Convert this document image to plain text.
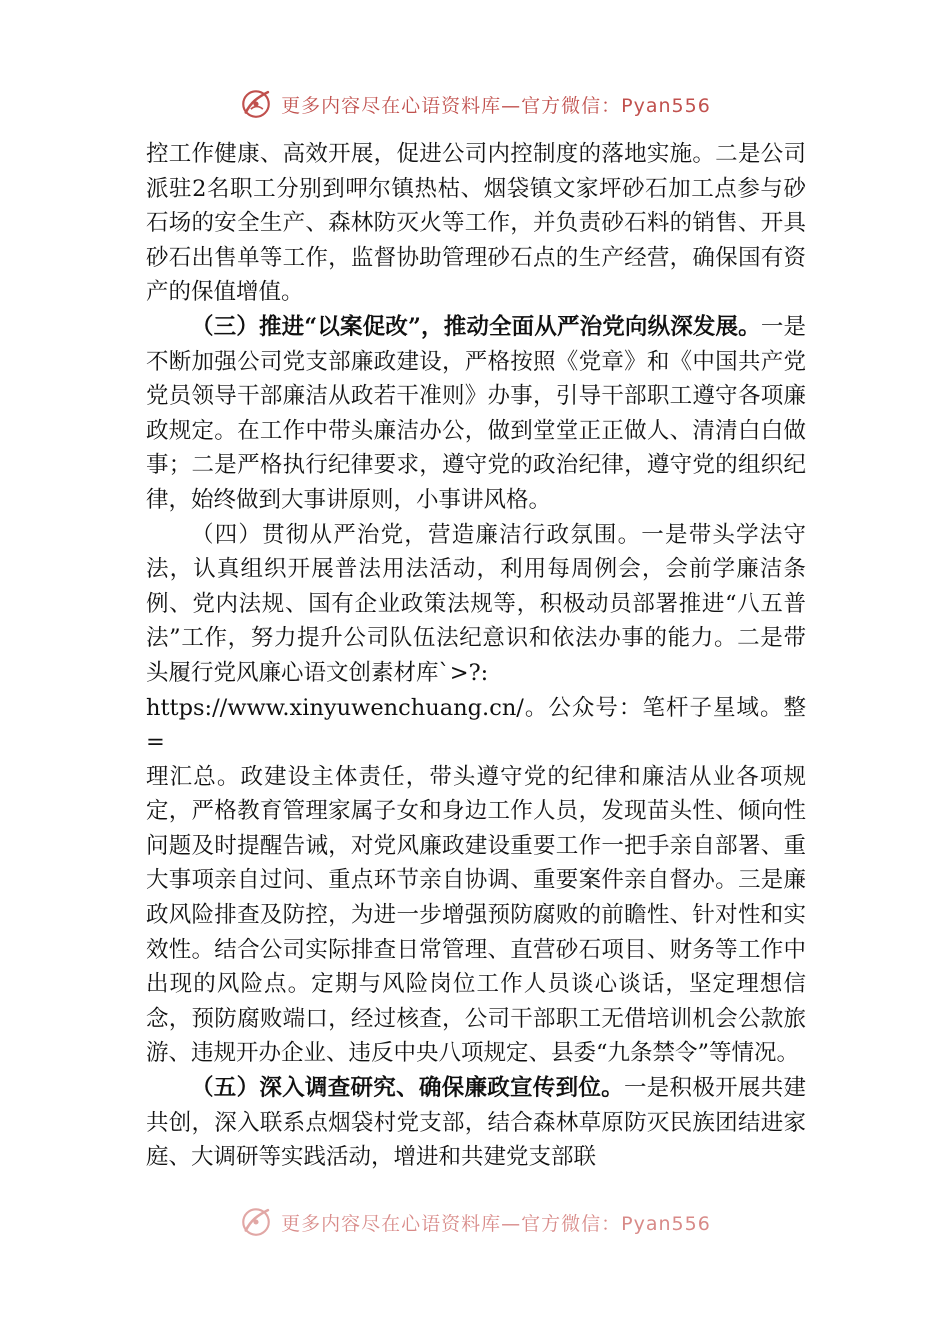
更多内容尽在心语资料库—官方微信：Pyan556

控工作健康、高效开展，促进公司内控制度的落地实施。二是公司派驻2名职工分别到呷尔镇热枯、烟袋镇文家坪砂石加工点参与砂石场的安全生产、森林防灭火等工作，并负责砂石料的销售、开具砂石出售单等工作，监督协助管理砂石点的生产经营，确保国有资产的保值增值。

（三）推进“以案促改”，推动全面从严治党向纵深发展。一是不断加强公司党支部廉政建设，严格按照《党章》和《中国共产党党员领导干部廉洁从政若干准则》办事，引导干部职工遵守各项廉政规定。在工作中带头廉洁办公，做到堂堂正正做人、清清白白做事；二是严格执行纪律要求，遵守党的政治纪律，遵守党的组织纪律，始终做到大事讲原则，小事讲风格。

（四）贯彻从严治党，营造廉洁行政氛围。一是带头学法守法，认真组织开展普法用法活动，利用每周例会，会前学廉洁条例、党内法规、国有企业政策法规等，积极动员部署推进“八五普法”工作，努力提升公司队伍法纪意识和依法办事的能力。二是带头履行党风廉心语文创素材库`>?:
https://www.xinyuwenchuang.cn/。公众号：笔杆子星域。整=
理汇总。政建设主体责任，带头遵守党的纪律和廉洁从业各项规定，严格教育管理家属子女和身边工作人员，发现苗头性、倾向性问题及时提醒告诫，对党风廉政建设重要工作一把手亲自部署、重大事项亲自过问、重点环节亲自协调、重要案件亲自督办。三是廉政风险排查及防控，为进一步增强预防腐败的前瞻性、针对性和实效性。结合公司实际排查日常管理、直营砂石项目、财务等工作中出现的风险点。定期与风险岗位工作人员谈心谈话，坚定理想信念，预防腐败端口，经过核查，公司干部职工无借培训机会公款旅游、违规开办企业、违反中央八项规定、县委“九条禁令”等情况。

（五）深入调查研究、确保廉政宣传到位。一是积极开展共建共创，深入联系点烟袋村党支部，结合森林草原防灭民族团结进家庭、大调研等实践活动，增进和共建党支部联

更多内容尽在心语资料库—官方微信：Pyan556
